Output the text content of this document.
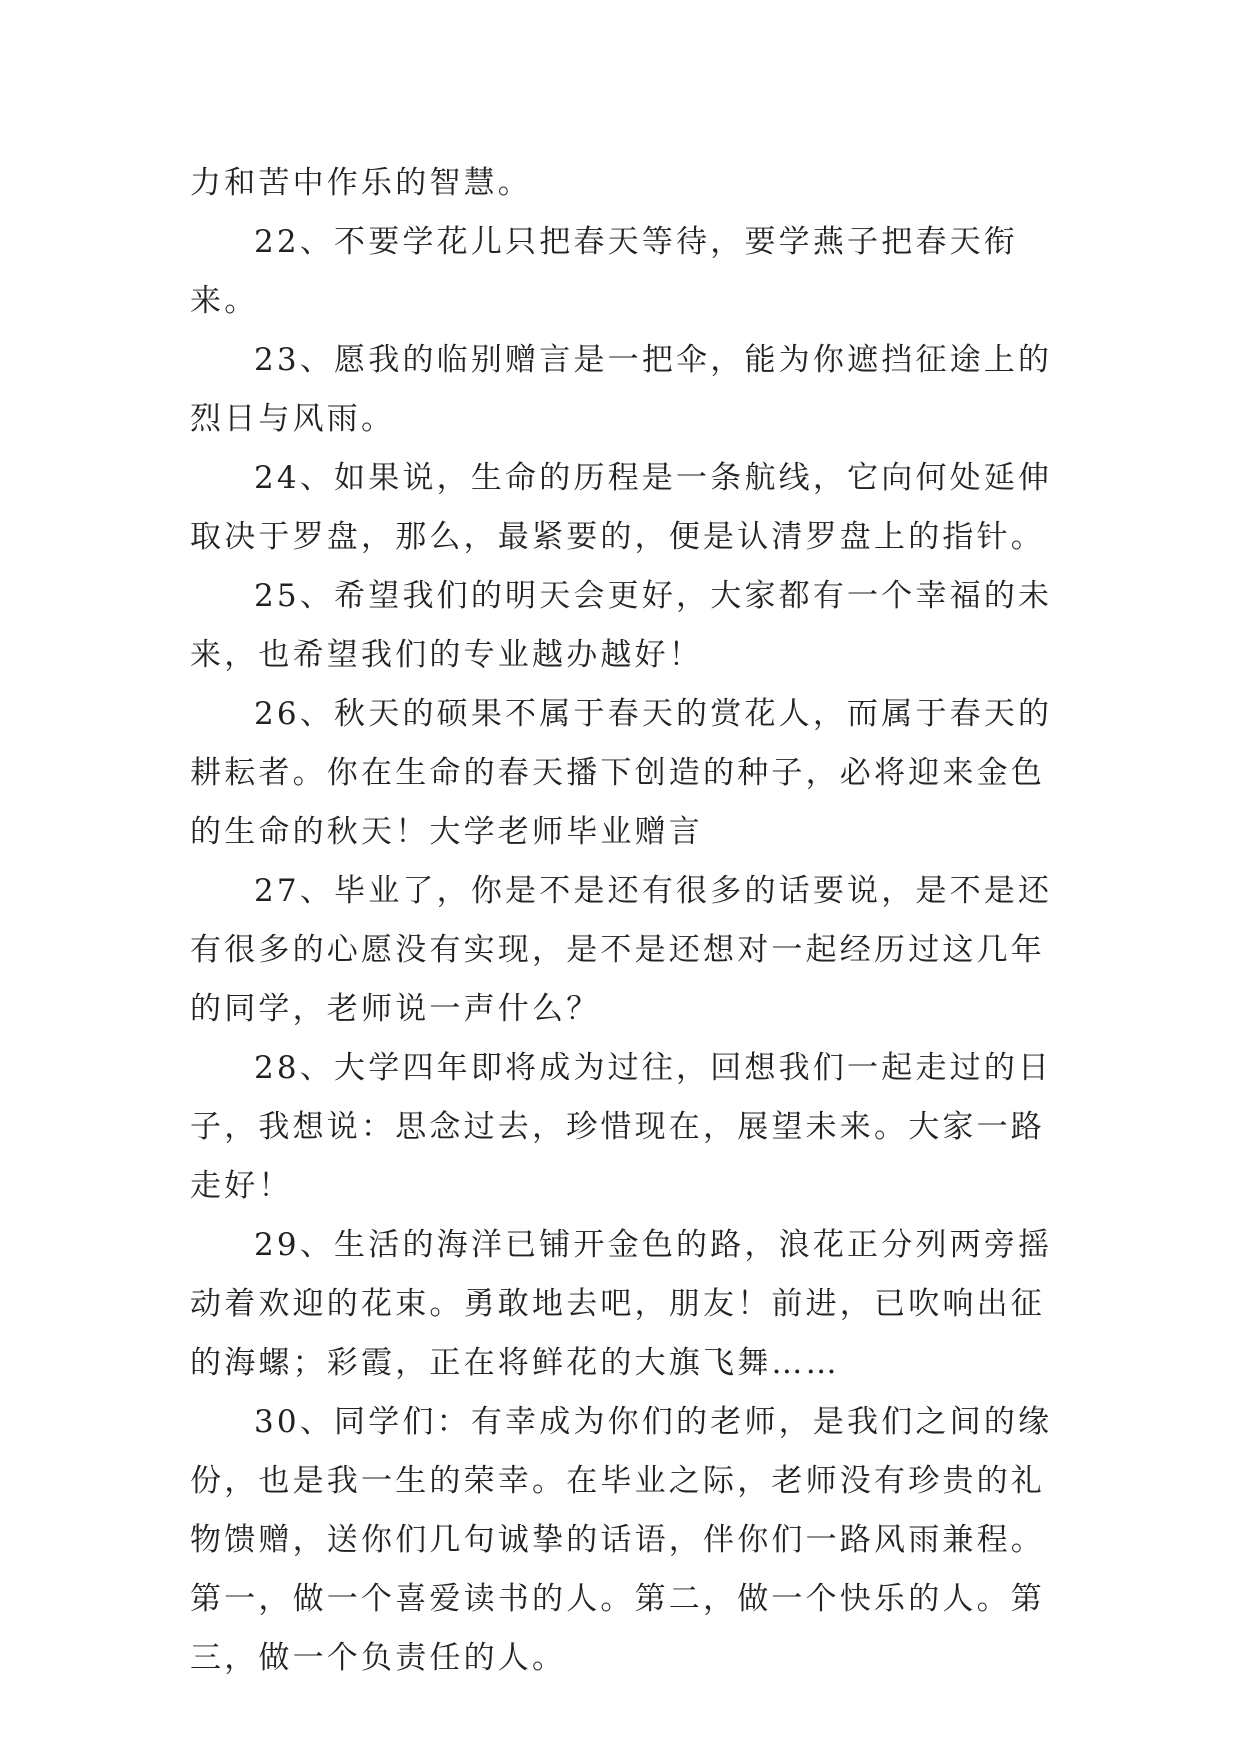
力和苦中作乐的智慧。

22、不要学花儿只把春天等待，要学燕子把春天衔来。

23、愿我的临别赠言是一把伞，能为你遮挡征途上的烈日与风雨。

24、如果说，生命的历程是一条航线，它向何处延伸取决于罗盘，那么，最紧要的，便是认清罗盘上的指针。

25、希望我们的明天会更好，大家都有一个幸福的未来，也希望我们的专业越办越好！

26、秋天的硕果不属于春天的赏花人，而属于春天的耕耘者。你在生命的春天播下创造的种子，必将迎来金色的生命的秋天！大学老师毕业赠言

27、毕业了，你是不是还有很多的话要说，是不是还有很多的心愿没有实现，是不是还想对一起经历过这几年的同学，老师说一声什么？

28、大学四年即将成为过往，回想我们一起走过的日子，我想说：思念过去，珍惜现在，展望未来。大家一路走好！

29、生活的海洋已铺开金色的路，浪花正分列两旁摇动着欢迎的花束。勇敢地去吧，朋友！前进，已吹响出征的海螺；彩霞，正在将鲜花的大旗飞舞……

30、同学们：有幸成为你们的老师，是我们之间的缘份，也是我一生的荣幸。在毕业之际，老师没有珍贵的礼物馈赠，送你们几句诚挚的话语，伴你们一路风雨兼程。第一，做一个喜爱读书的人。第二，做一个快乐的人。第三，做一个负责任的人。
